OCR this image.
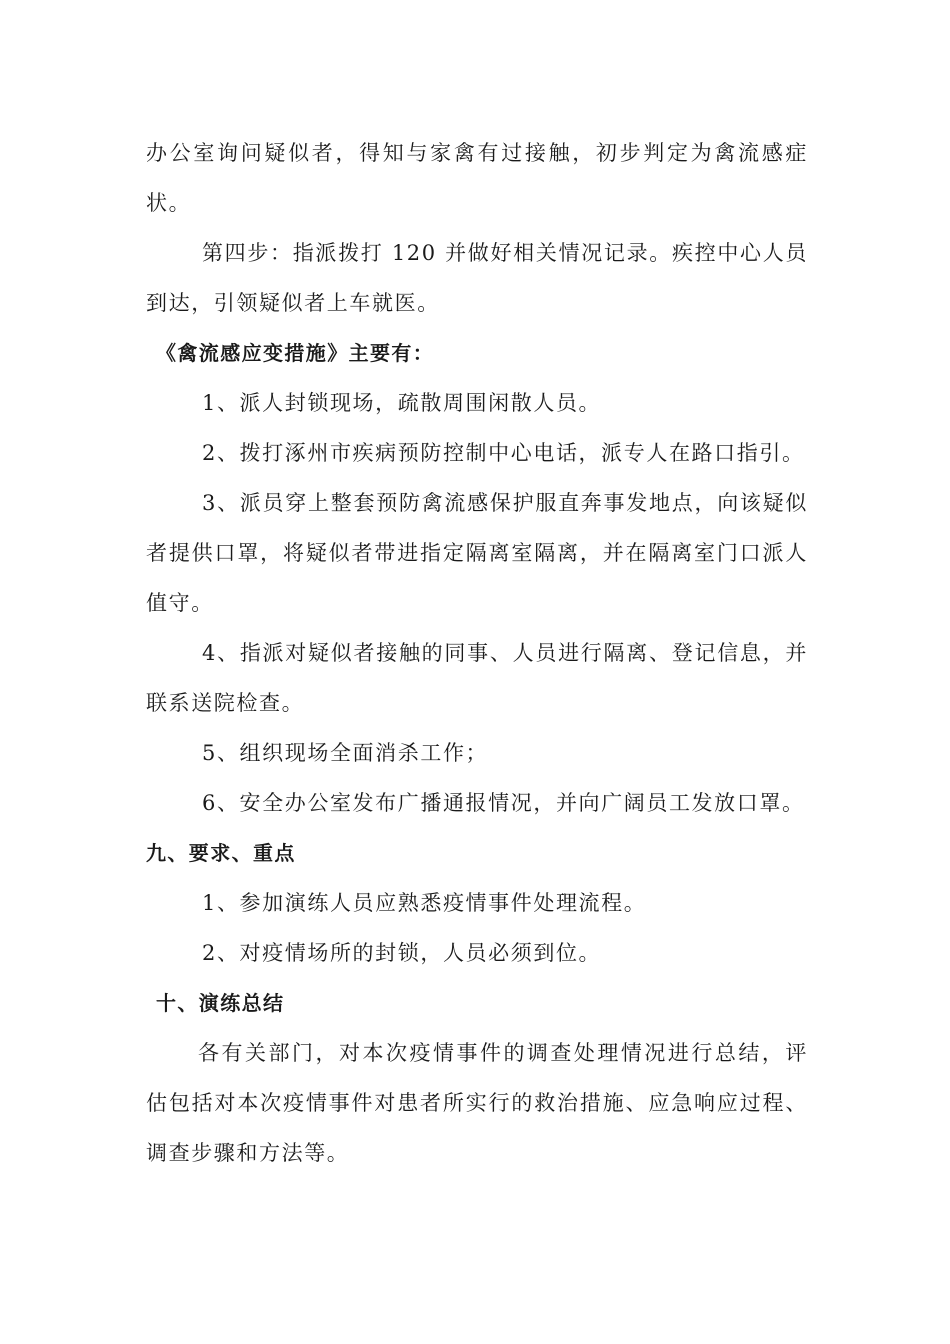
办公室询问疑似者，得知与家禽有过接触，初步判定为禽流感症状。

第四步：指派拨打 120 并做好相关情况记录。疾控中心人员到达，引领疑似者上车就医。

《禽流感应变措施》主要有：

1、派人封锁现场，疏散周围闲散人员。

2、拨打涿州市疾病预防控制中心电话，派专人在路口指引。

3、派员穿上整套预防禽流感保护服直奔事发地点，向该疑似者提供口罩，将疑似者带进指定隔离室隔离，并在隔离室门口派人值守。

4、指派对疑似者接触的同事、人员进行隔离、登记信息，并联系送院检查。

5、组织现场全面消杀工作；

6、安全办公室发布广播通报情况，并向广阔员工发放口罩。

九、要求、重点

1、参加演练人员应熟悉疫情事件处理流程。

2、对疫情场所的封锁，人员必须到位。

十、演练总结

各有关部门，对本次疫情事件的调查处理情况进行总结，评估包括对本次疫情事件对患者所实行的救治措施、应急响应过程、调查步骤和方法等。
